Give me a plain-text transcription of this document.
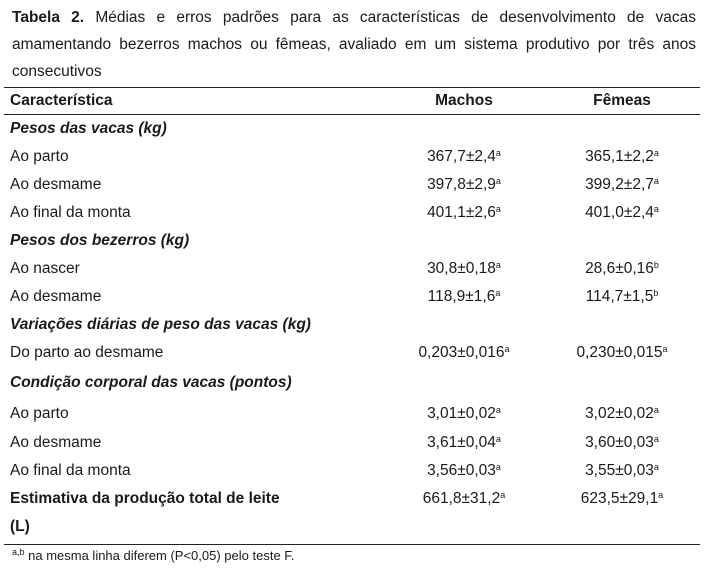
Tabela 2. Médias e erros padrões para as características de desenvolvimento de vacas amamentando bezerros machos ou fêmeas, avaliado em um sistema produtivo por três anos consecutivos
Característica	Machos	Fêmeas
Pesos das vacas (kg)		
Ao parto	367,7±2,4$^a$	365,1±2,2$^a$
Ao desmame	397,8±2,9$^a$	399,2±2,7$^a$
Ao final da monta	401,1±2,6$^a$	401,0±2,4$^a$
Pesos dos bezerros (kg)		
Ao nascer	30,8±0,18$^a$	28,6±0,16$^b$
Ao desmame	118,9±1,6$^a$	114,7±1,5$^b$
Variações diárias de peso das vacas (kg)		
Do parto ao desmame	0,203±0,016$^a$	0,230±0,015$^a$
Condição corporal das vacas (pontos)		
Ao parto	3,01±0,02$^a$	3,02±0,02$^a$
Ao desmame	3,61±0,04$^a$	3,60±0,03$^a$
Ao final da monta	3,56±0,03$^a$	3,55±0,03$^a$
Estimativa da produção total de leite	661,8±31,2$^a$	623,5±29,1$^a$
(L)		
$^{a,b}$ na mesma linha diferem (P<0,05) pelo teste F.
